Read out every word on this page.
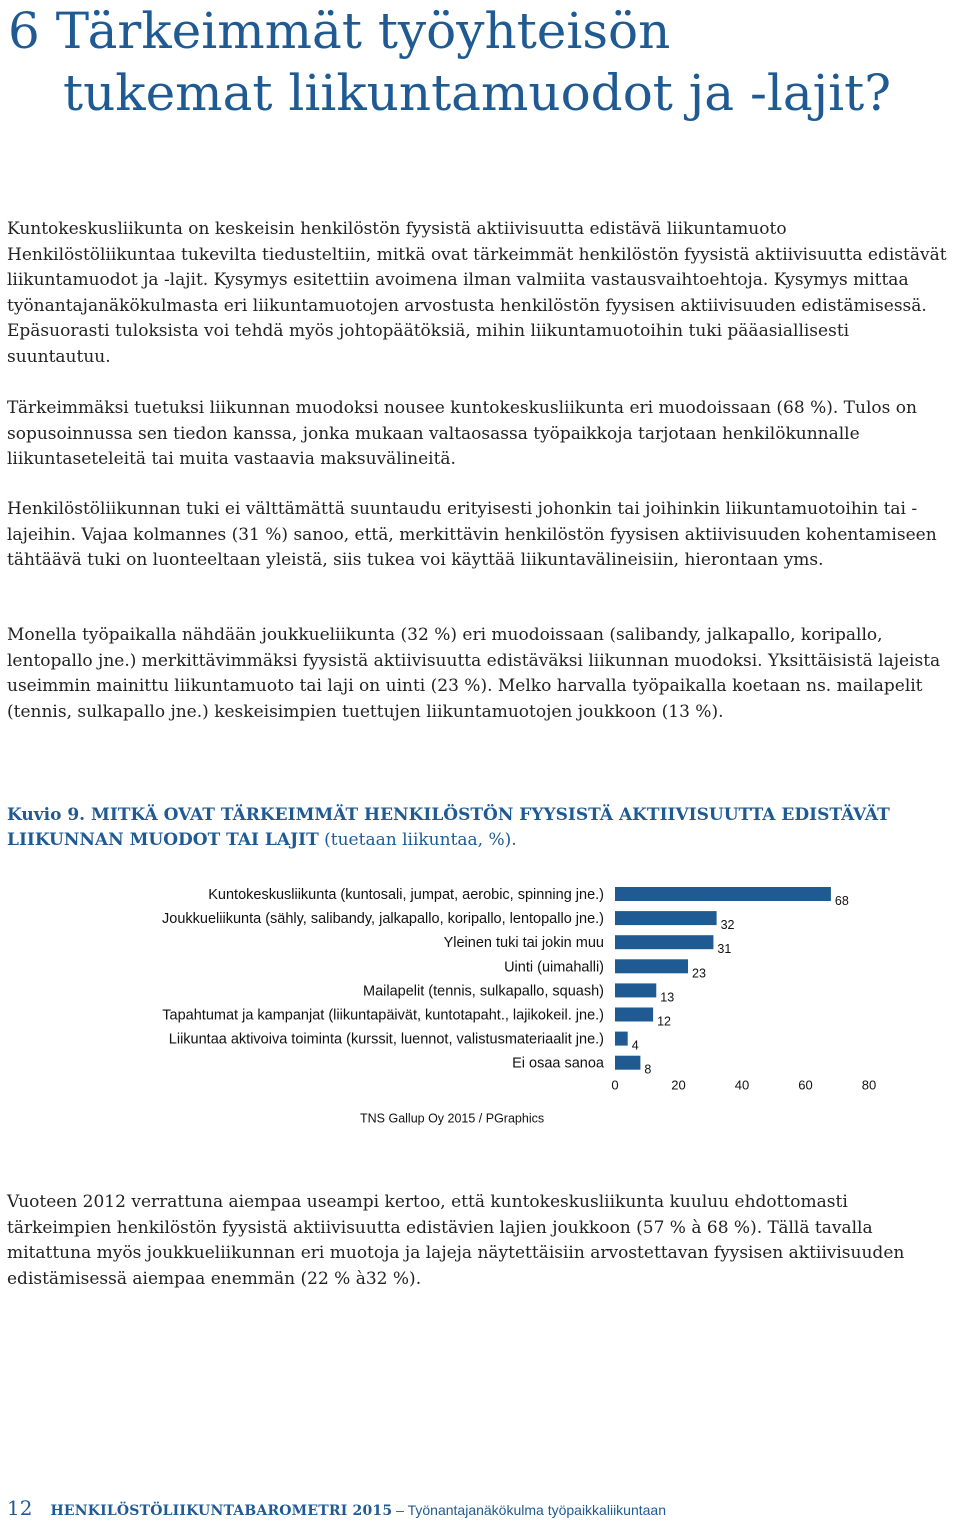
6 Tärkeimmät työyhteisön
tukemat liikuntamuodot ja -lajit?

Kuntokeskusliikunta on keskeisin henkilöstön fyysistä aktiivisuutta edistävä liikuntamuoto Henkilöstöliikuntaa tukevilta tiedusteltiin, mitkä ovat tärkeimmät henkilöstön fyysistä aktiivisuutta edistävät liikuntamuodot ja -lajit. Kysymys esitettiin avoimena ilman valmiita vastausvaihtoehtoja. Kysymys mittaa työnantajanäkökulmasta eri liikuntamuotojen arvostusta henkilöstön fyysisen aktiivisuuden edistämisessä. Epäsuorasti tuloksista voi tehdä myös johtopäätöksiä, mihin liikuntamuotoihin tuki pääasiallisesti suuntautuu.

Tärkeimmäksi tuetuksi liikunnan muodoksi nousee kuntokeskusliikunta eri muodoissaan (68 %). Tulos on sopusoinnussa sen tiedon kanssa, jonka mukaan valtaosassa työpaikkoja tarjotaan henkilökunnalle liikuntaseteleitä tai muita vastaavia maksuvälineitä.

Henkilöstöliikunnan tuki ei välttämättä suuntaudu erityisesti johonkin tai joihinkin liikuntamuotoihin tai -lajeihin. Vajaa kolmannes (31 %) sanoo, että, merkittävin henkilöstön fyysisen aktiivisuuden kohentamiseen tähtäävä tuki on luonteeltaan yleistä, siis tukea voi käyttää liikuntavälineisiin, hierontaan yms.

Monella työpaikalla nähdään joukkueliikunta (32 %) eri muodoissaan (salibandy, jalkapallo, koripallo, lentopallo jne.) merkittävimmäksi fyysistä aktiivisuutta edistäväksi liikunnan muodoksi. Yksittäisistä lajeista useimmin mainittu liikuntamuoto tai laji on uinti (23 %). Melko harvalla työpaikalla koetaan ns. mailapelit (tennis, sulkapallo jne.) keskeisimpien tuettujen liikuntamuotojen joukkoon (13 %).

Kuvio 9. MITKÄ OVAT TÄRKEIMMÄT HENKILÖSTÖN FYYSISTÄ AKTIIVISUUTTA EDISTÄVÄT LIIKUNNAN MUODOT TAI LAJIT (tuetaan liikuntaa, %).

Kuntokeskusliikunta (kuntosali, jumpat, aerobic, spinning jne.)	68
Joukkueliikunta (sähly, salibandy, jalkapallo, koripallo, lentopallo jne.)	32
Yleinen tuki tai jokin muu	31
Uinti (uimahalli)	23
Mailapelit (tennis, sulkapallo, squash)	13
Tapahtumat ja kampanjat (liikuntapäivät, kuntotapaht., lajikokeil. jne.)	12
Liikuntaa aktivoiva toiminta (kurssit, luennot, valistusmateriaalit jne.) 4
Ei osaa sanoa	8
0	20	40	60	80
TNS Gallup Oy 2015 / PGraphics

Vuoteen 2012 verrattuna aiempaa useampi kertoo, että kuntokeskusliikunta kuuluu ehdottomasti tärkeimpien henkilöstön fyysistä aktiivisuutta edistävien lajien joukkoon (57 % à 68 %). Tällä tavalla mitattuna myös joukkueliikunnan eri muotoja ja lajeja näytettäisiin arvostettavan fyysisen aktiivisuuden edistämisessä aiempaa enemmän (22 % à32 %).

12 HENKILÖSTÖLIIKUNTABAROMETRI 2015 – Työnantajanäkökulma työpaikkaliikuntaan
